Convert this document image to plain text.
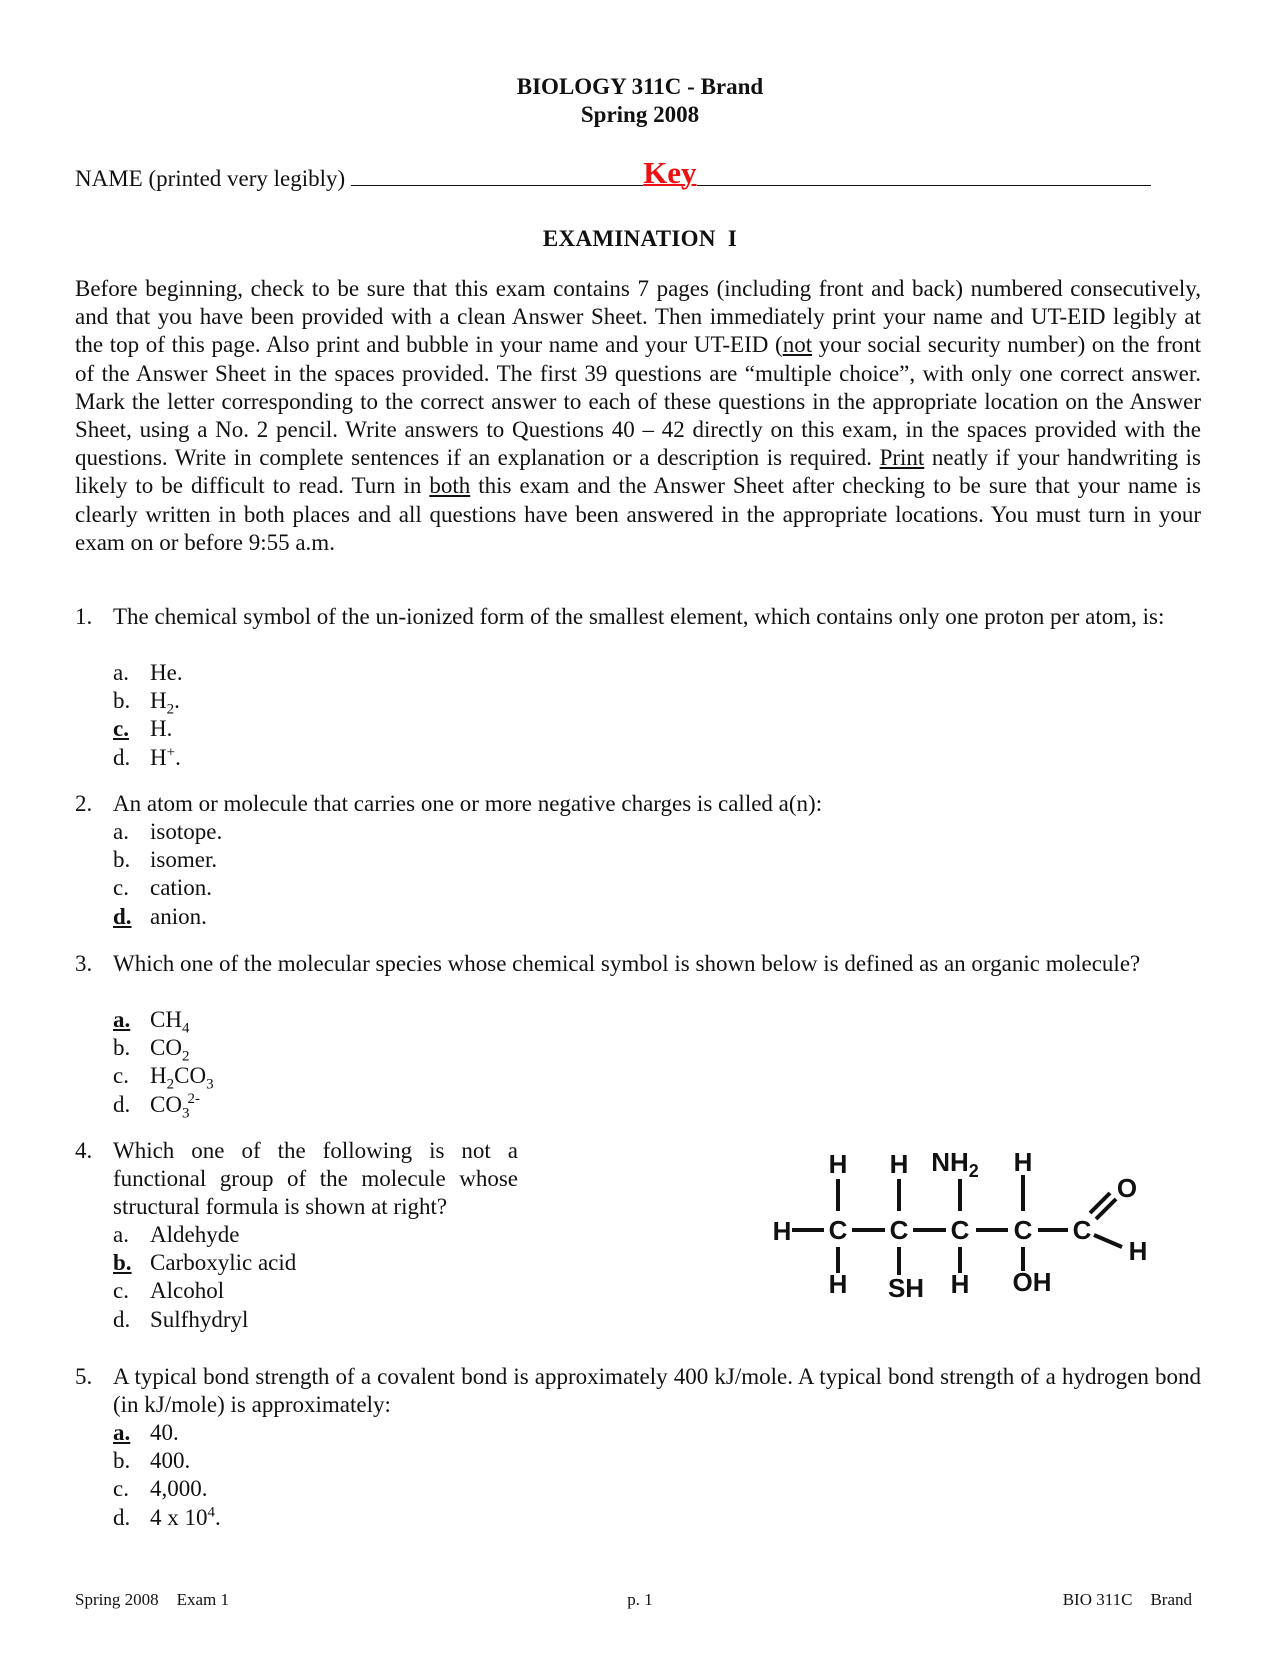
BIOLOGY 311C - Brand
Spring 2008
NAME (printed very legibly)	Key
EXAMINATION  I
Before beginning, check to be sure that this exam contains 7 pages (including front and back) numbered consecutively, and that you have been provided with a clean Answer Sheet. Then immediately print your name and UT-EID legibly at the top of this page. Also print and bubble in your name and your UT-EID (not your social security number) on the front of the Answer Sheet in the spaces provided. The first 39 questions are “multiple choice”, with only one correct answer. Mark the letter corresponding to the correct answer to each of these questions in the appropriate location on the Answer Sheet, using a No. 2 pencil. Write answers to Questions 40 – 42 directly on this exam, in the spaces provided with the questions. Write in complete sentences if an explanation or a description is required. Print neatly if your handwriting is likely to be difficult to read. Turn in both this exam and the Answer Sheet after checking to be sure that your name is clearly written in both places and all questions have been answered in the appropriate locations. You must turn in your exam on or before 9:55 a.m.
1. The chemical symbol of the un-ionized form of the smallest element, which contains only one proton per atom, is:
a. He.
b. $H_2$.
c. H.
d. H+.
2. An atom or molecule that carries one or more negative charges is called a(n):
a. isotope.
b. isomer.
c. cation.
d. anion.
3. Which one of the molecular species whose chemical symbol is shown below is defined as an organic molecule?
a. $CH_4$
b. $CO_2$
c. $H_2CO_3$
d. $CO_3^{2-}$
4. Which one of the following is not a functional group of the molecule whose structural formula is shown at right?
a. Aldehyde
b. Carboxylic acid
c. Alcohol
d. Sulfhydryl
H C C C C C
H H $NH_2$ H
H SH H OH
O
H
5. A typical bond strength of a covalent bond is approximately 400 kJ/mole. A typical bond strength of a hydrogen bond (in kJ/mole) is approximately:
a. 40.
b. 400.
c. 4,000.
d. 4 x $10^4$.
Spring 2008 Exam 1	p. 1	BIO 311C Brand
